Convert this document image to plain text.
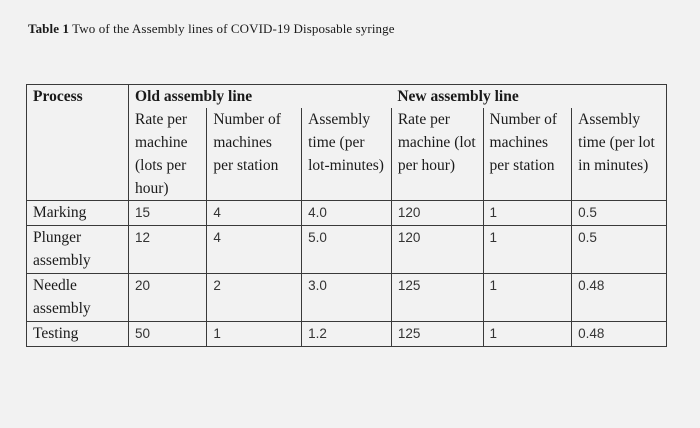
Table 1 Two of the Assembly lines of COVID-19 Disposable syringe
Process	Old assembly line			New assembly line		
	Rate per machine (lots per hour)	Number of machines per station	Assembly time (per lot-minutes)	Rate per machine (lot per hour)	Number of machines per station	Assembly time (per lot in minutes)
Marking	15	4	4.0	120	1	0.5
Plunger assembly	12	4	5.0	120	1	0.5
Needle assembly	20	2	3.0	125	1	0.48
Testing	50	1	1.2	125	1	0.48
